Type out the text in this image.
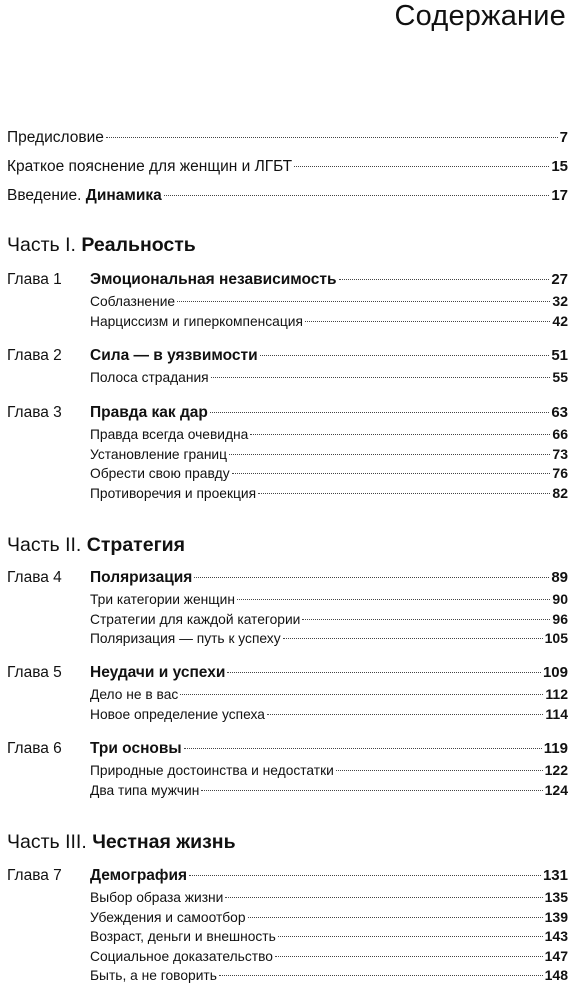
Содержание
Предисловие	7
Краткое пояснение для женщин и ЛГБТ	15
Введение. Динамика	17
Часть I. Реальность
Глава 1	Эмоциональная независимость	27
Соблазнение	32
Нарциссизм и гиперкомпенсация	42
Глава 2	Сила — в уязвимости	51
Полоса страдания	55
Глава 3	Правда как дар	63
Правда всегда очевидна	66
Установление границ	73
Обрести свою правду	76
Противоречия и проекция	82
Часть II. Стратегия
Глава 4	Поляризация	89
Три категории женщин	90
Стратегии для каждой категории	96
Поляризация — путь к успеху	105
Глава 5	Неудачи и успехи	109
Дело не в вас	112
Новое определение успеха	114
Глава 6	Три основы	119
Природные достоинства и недостатки	122
Два типа мужчин	124
Часть III. Честная жизнь
Глава 7	Демография	131
Выбор образа жизни	135
Убеждения и самоотбор	139
Возраст, деньги и внешность	143
Социальное доказательство	147
Быть, а не говорить	148
